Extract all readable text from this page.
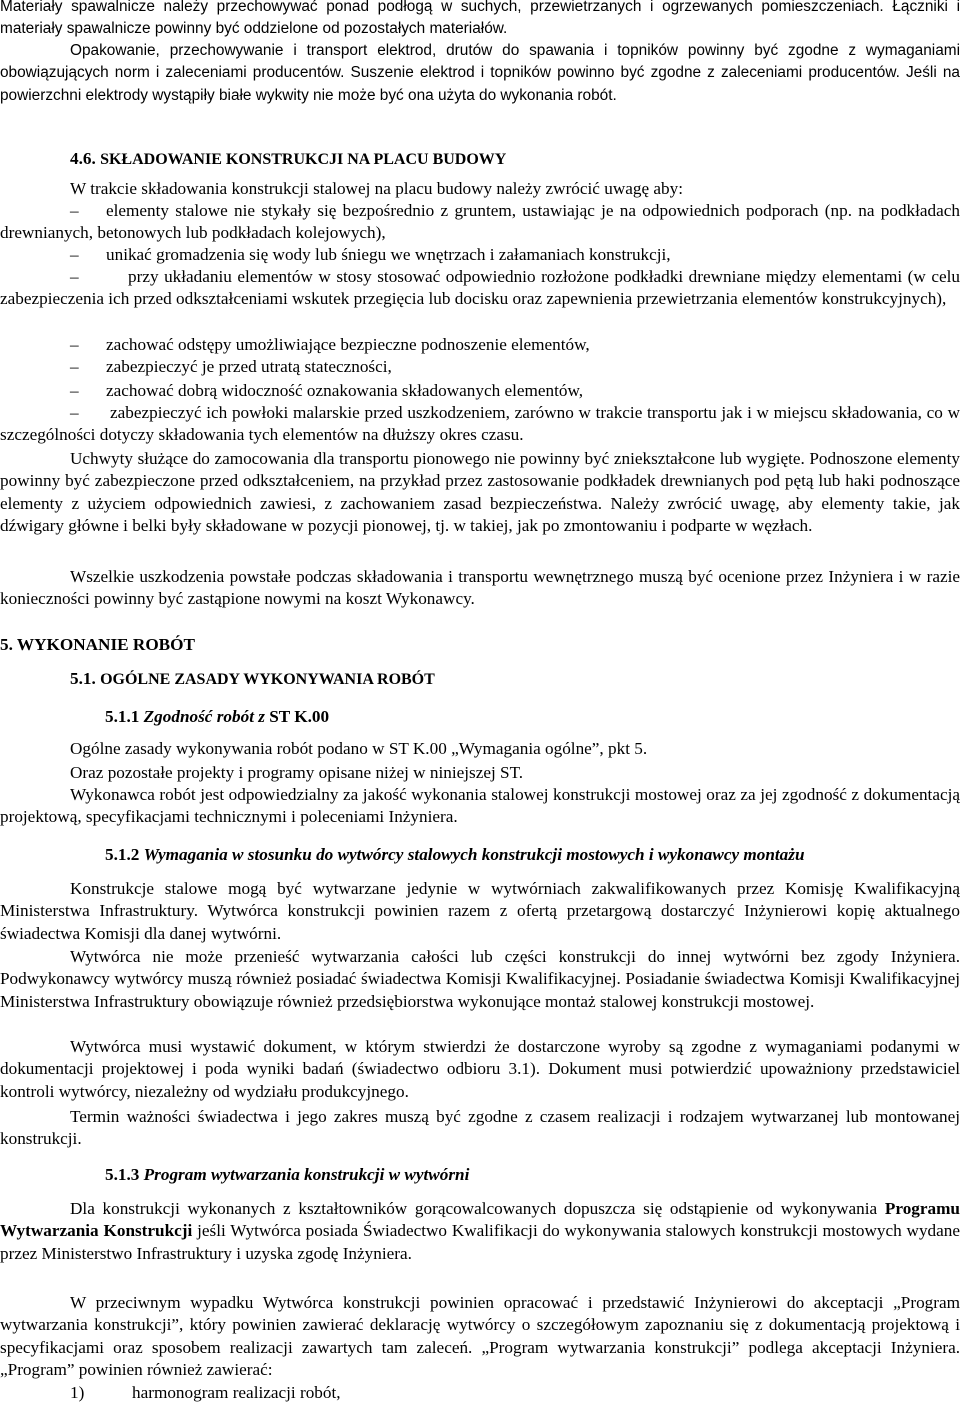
Materiały spawalnicze należy przechowywać ponad podłogą w suchych, przewietrzanych i ogrzewanych pomieszczeniach. Łączniki i materiały spawalnicze powinny być oddzielone od pozostałych materiałów.

Opakowanie, przechowywanie i transport elektrod, drutów do spawania i topników powinny być zgodne z wymaganiami obowiązujących norm i zaleceniami producentów. Suszenie elektrod i topników powinno być zgodne z zaleceniami producentów. Jeśli na powierzchni elektrody wystąpiły białe wykwity nie może być ona użyta do wykonania robót.

4.6. SKŁADOWANIE KONSTRUKCJI NA PLACU BUDOWY

W trakcie składowania konstrukcji stalowej na placu budowy należy zwrócić uwagę aby:

– elementy stalowe nie stykały się bezpośrednio z gruntem, ustawiając je na odpowiednich podporach (np. na podkładach drewnianych, betonowych lub podkładach kolejowych),

– unikać gromadzenia się wody lub śniegu we wnętrzach i załamaniach konstrukcji,

–	przy układaniu elementów w stosy stosować odpowiednio rozłożone podkładki drewniane między elementami (w celu zabezpieczenia ich przed odkształceniami wskutek przegięcia lub docisku oraz zapewnienia przewietrzania elementów konstrukcyjnych),

– zachować odstępy umożliwiające bezpieczne podnoszenie elementów,

– zabezpieczyć je przed utratą stateczności,

– zachować dobrą widoczność oznakowania składowanych elementów,

– zabezpieczyć ich powłoki malarskie przed uszkodzeniem, zarówno w trakcie transportu jak i w miejscu składowania, co w szczególności dotyczy składowania tych elementów na dłuższy okres czasu.

Uchwyty służące do zamocowania dla transportu pionowego nie powinny być zniekształcone lub wygięte. Podnoszone elementy powinny być zabezpieczone przed odkształceniem, na przykład przez zastosowanie podkładek drewnianych pod pętą lub haki podnoszące elementy z użyciem odpowiednich zawiesi, z zachowaniem zasad bezpieczeństwa. Należy zwrócić uwagę, aby elementy takie, jak dźwigary główne i belki były składowane w pozycji pionowej, tj. w takiej, jak po zmontowaniu i podparte w węzłach.

Wszelkie uszkodzenia powstałe podczas składowania i transportu wewnętrznego muszą być ocenione przez Inżyniera i w razie konieczności powinny być zastąpione nowymi na koszt Wykonawcy.

5. WYKONANIE ROBÓT
5.1. OGÓLNE ZASADY WYKONYWANIA ROBÓT
5.1.1 Zgodność robót z ST K.00

Ogólne zasady wykonywania robót podano w ST K.00 „Wymagania ogólne”, pkt 5.

Oraz pozostałe projekty i programy opisane niżej w niniejszej ST.

Wykonawca robót jest odpowiedzialny za jakość wykonania stalowej konstrukcji mostowej oraz za jej zgodność z dokumentacją projektową, specyfikacjami technicznymi i poleceniami Inżyniera.

5.1.2 Wymagania w stosunku do wytwórcy stalowych konstrukcji mostowych i wykonawcy montażu

Konstrukcje stalowe mogą być wytwarzane jedynie w wytwórniach zakwalifikowanych przez Komisję Kwalifikacyjną Ministerstwa Infrastruktury. Wytwórca konstrukcji powinien razem z ofertą przetargową dostarczyć Inżynierowi kopię aktualnego świadectwa Komisji dla danej wytwórni.

Wytwórca nie może przenieść wytwarzania całości lub części konstrukcji do innej wytwórni bez zgody Inżyniera. Podwykonawcy wytwórcy muszą również posiadać świadectwa Komisji Kwalifikacyjnej. Posiadanie świadectwa Komisji Kwalifikacyjnej Ministerstwa Infrastruktury obowiązuje również przedsiębiorstwa wykonujące montaż stalowej konstrukcji mostowej.

Wytwórca musi wystawić dokument, w którym stwierdzi że dostarczone wyroby są zgodne z wymaganiami podanymi w dokumentacji projektowej i poda wyniki badań (świadectwo odbioru 3.1). Dokument musi potwierdzić upoważniony przedstawiciel kontroli wytwórcy, niezależny od wydziału produkcyjnego.

Termin ważności świadectwa i jego zakres muszą być zgodne z czasem realizacji i rodzajem wytwarzanej lub montowanej konstrukcji.

5.1.3 Program wytwarzania konstrukcji w wytwórni

Dla konstrukcji wykonanych z kształtowników gorącowalcowanych dopuszcza się odstąpienie od wykonywania Programu Wytwarzania Konstrukcji jeśli Wytwórca posiada Świadectwo Kwalifikacji do wykonywania stalowych konstrukcji mostowych wydane przez Ministerstwo Infrastruktury i uzyska zgodę Inżyniera.

W przeciwnym wypadku Wytwórca konstrukcji powinien opracować i przedstawić Inżynierowi do akceptacji „Program wytwarzania konstrukcji”, który powinien zawierać deklarację wytwórcy o szczegółowym zapoznaniu się z dokumentacją projektową i specyfikacjami oraz sposobem realizacji zawartych tam zaleceń. „Program wytwarzania konstrukcji” podlega akceptacji Inżyniera. „Program” powinien również zawierać:

1)	harmonogram realizacji robót,
